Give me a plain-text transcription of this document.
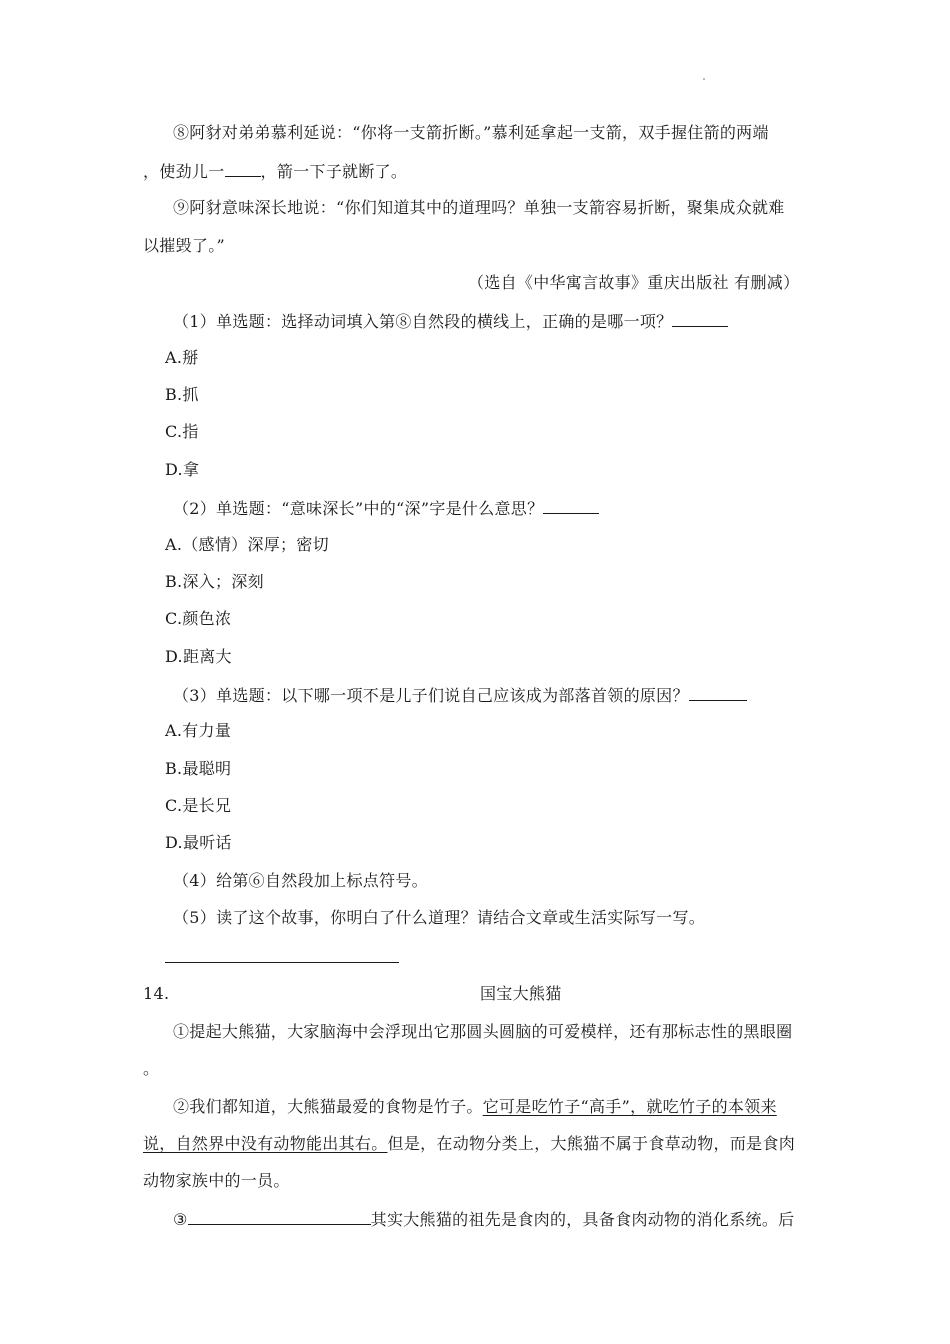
⑧阿豺对弟弟慕利延说：“你将一支箭折断。”慕利延拿起一支箭，双手握住箭的两端
，使劲儿一 ，箭一下子就断了。
⑨阿豺意味深长地说：“你们知道其中的道理吗？单独一支箭容易折断，聚集成众就难
以摧毁了。”
（选自《中华寓言故事》重庆出版社 有删减）
（1）单选题：选择动词填入第⑧自然段的横线上，正确的是哪一项？
A.掰
B.抓
C.指
D.拿
（2）单选题：“意味深长”中的“深”字是什么意思？
A.（感情）深厚；密切
B.深入；深刻
C.颜色浓
D.距离大
（3）单选题：以下哪一项不是儿子们说自己应该成为部落首领的原因？
A.有力量
B.最聪明
C.是长兄
D.最听话
（4）给第⑥自然段加上标点符号。
（5）读了这个故事，你明白了什么道理？请结合文章或生活实际写一写。
14.	国宝大熊猫
①提起大熊猫，大家脑海中会浮现出它那圆头圆脑的可爱模样，还有那标志性的黑眼圈
。
②我们都知道，大熊猫最爱的食物是竹子。它可是吃竹子“高手”，就吃竹子的本领来
说，自然界中没有动物能出其右。但是，在动物分类上，大熊猫不属于食草动物，而是食肉
动物家族中的一员。
③	其实大熊猫的祖先是食肉的，具备食肉动物的消化系统。后
